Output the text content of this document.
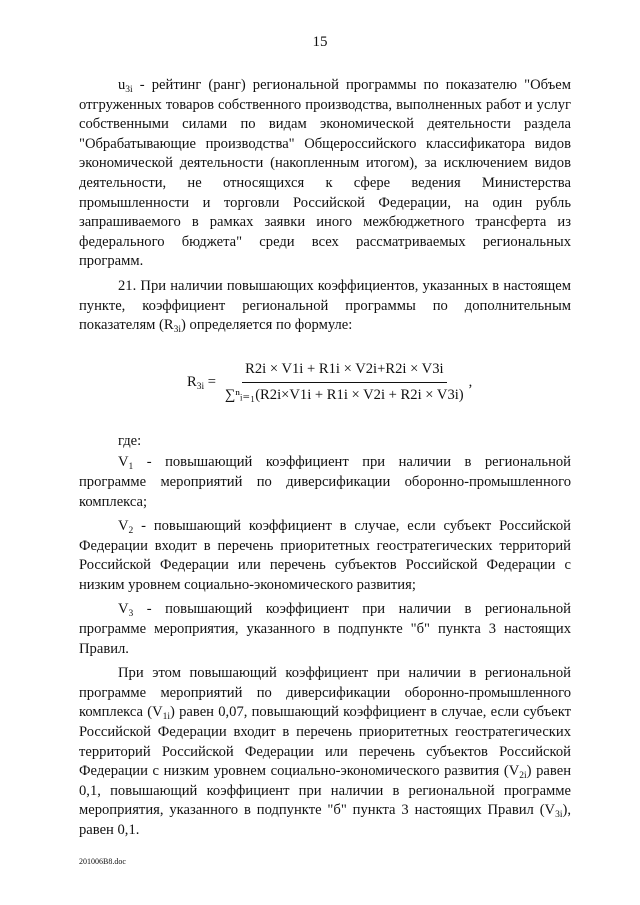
15

$u_{3i}$ - рейтинг (ранг) региональной программы по показателю "Объем отгруженных товаров собственного производства, выполненных работ и услуг собственными силами по видам экономической деятельности раздела "Обрабатывающие производства" Общероссийского классификатора видов экономической деятельности (накопленным итогом), за исключением видов деятельности, не относящихся к сфере ведения Министерства промышленности и торговли Российской Федерации, на один рубль запрашиваемого в рамках заявки иного межбюджетного трансферта из федерального бюджета" среди всех рассматриваемых региональных программ.

21. При наличии повышающих коэффициентов, указанных в настоящем пункте, коэффициент региональной программы по дополнительным показателям $(R_{3i})$ определяется по формуле:

$R_{3i} = \frac{R2i \times V1i + R1i \times V2i+R2i \times V3i}{\text{∑ⁿᵢ₌₁(R2i×V1i + R1i × V2i + R2i × V3i)}}$ ,

где:

$V_1$ - повышающий коэффициент при наличии в региональной программе мероприятий по диверсификации оборонно-промышленного комплекса;

$V_2$ - повышающий коэффициент в случае, если субъект Российской Федерации входит в перечень приоритетных геостратегических территорий Российской Федерации или перечень субъектов Российской Федерации с низким уровнем социально-экономического развития;

$V_3$ - повышающий коэффициент при наличии в региональной программе мероприятия, указанного в подпункте "б" пункта 3 настоящих Правил.

При этом повышающий коэффициент при наличии в региональной программе мероприятий по диверсификации оборонно-промышленного комплекса $(V_{1i})$ равен 0,07, повышающий коэффициент в случае, если субъект Российской Федерации входит в перечень приоритетных геостратегических территорий Российской Федерации или перечень субъектов Российской Федерации с низким уровнем социально-экономического развития $(V_{2i})$ равен 0,1, повышающий коэффициент при наличии в региональной программе мероприятия, указанного в подпункте "б" пункта 3 настоящих Правил $(V_{3i})$, равен 0,1.

201006B8.doc
